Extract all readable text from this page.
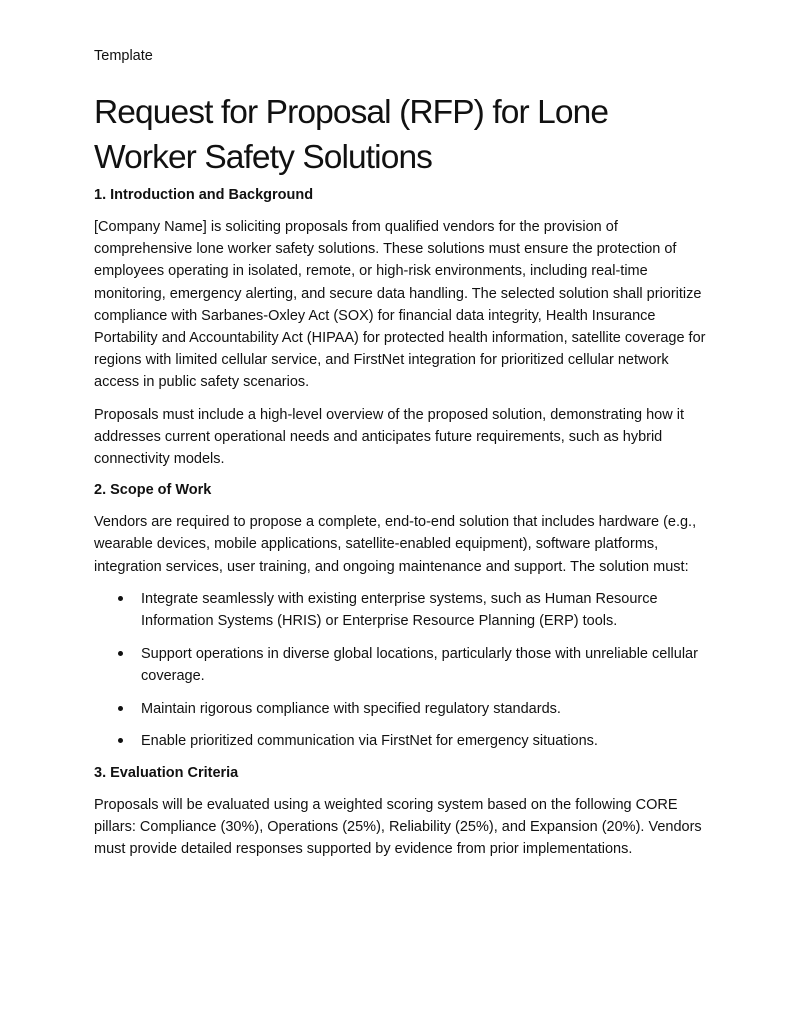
Template
Request for Proposal (RFP) for Lone Worker Safety Solutions
1. Introduction and Background

[Company Name] is soliciting proposals from qualified vendors for the provision of comprehensive lone worker safety solutions. These solutions must ensure the protection of employees operating in isolated, remote, or high-risk environments, including real-time monitoring, emergency alerting, and secure data handling. The selected solution shall prioritize compliance with Sarbanes-Oxley Act (SOX) for financial data integrity, Health Insurance Portability and Accountability Act (HIPAA) for protected health information, satellite coverage for regions with limited cellular service, and FirstNet integration for prioritized cellular network access in public safety scenarios.

Proposals must include a high-level overview of the proposed solution, demonstrating how it addresses current operational needs and anticipates future requirements, such as hybrid connectivity models.

2. Scope of Work

Vendors are required to propose a complete, end-to-end solution that includes hardware (e.g., wearable devices, mobile applications, satellite-enabled equipment), software platforms, integration services, user training, and ongoing maintenance and support. The solution must:

Integrate seamlessly with existing enterprise systems, such as Human Resource Information Systems (HRIS) or Enterprise Resource Planning (ERP) tools.
Support operations in diverse global locations, particularly those with unreliable cellular coverage.
Maintain rigorous compliance with specified regulatory standards.
Enable prioritized communication via FirstNet for emergency situations.
3. Evaluation Criteria

Proposals will be evaluated using a weighted scoring system based on the following CORE pillars: Compliance (30%), Operations (25%), Reliability (25%), and Expansion (20%). Vendors must provide detailed responses supported by evidence from prior implementations.
